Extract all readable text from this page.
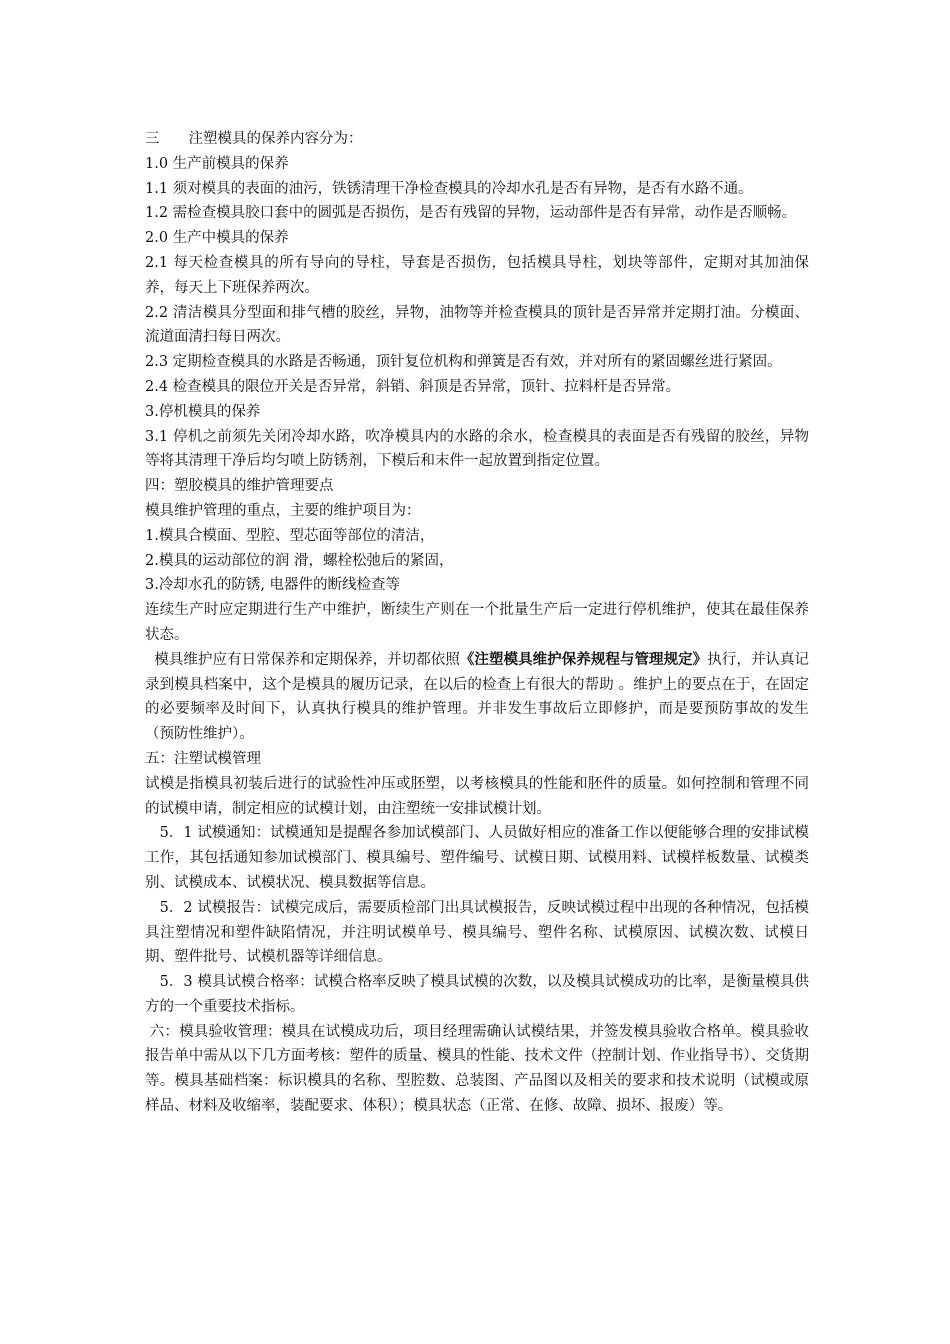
三　　注塑模具的保养内容分为：

1.0 生产前模具的保养

1.1 须对模具的表面的油污，铁锈清理干净检查模具的冷却水孔是否有异物，是否有水路不通。

1.2 需检查模具胶口套中的圆弧是否损伤，是否有残留的异物，运动部件是否有异常，动作是否顺畅。

2.0 生产中模具的保养

2.1 每天检查模具的所有导向的导柱，导套是否损伤，包括模具导柱，划块等部件，定期对其加油保养，每天上下班保养两次。

2.2 清洁模具分型面和排气槽的胶丝，异物，油物等并检查模具的顶针是否异常并定期打油。分模面、流道面清扫每日两次。

2.3 定期检查模具的水路是否畅通，顶针复位机构和弹簧是否有效，并对所有的紧固螺丝进行紧固。

2.4 检查模具的限位开关是否异常，斜销、斜顶是否异常，顶针、拉料杆是否异常。

3.停机模具的保养

3.1 停机之前须先关闭冷却水路，吹净模具内的水路的余水，检查模具的表面是否有残留的胶丝，异物等将其清理干净后均匀喷上防锈剂，下模后和末件一起放置到指定位置。

四：塑胶模具的维护管理要点

模具维护管理的重点，主要的维护项目为：

1.模具合模面、型腔、型芯面等部位的清洁，

2.模具的运动部位的润 滑，螺栓松弛后的紧固，

3.冷却水孔的防锈, 电器件的断线检查等

连续生产时应定期进行生产中维护，断续生产则在一个批量生产后一定进行停机维护，使其在最佳保养状态。

模具维护应有日常保养和定期保养，并切都依照《注塑模具维护保养规程与管理规定》执行，并认真记录到模具档案中，这个是模具的履历记录，在以后的检查上有很大的帮助 。维护上的要点在于，在固定的必要频率及时间下，认真执行模具的维护管理。并非发生事故后立即修护，而是要预防事故的发生（预防性维护）。

五：注塑试模管理

试模是指模具初装后进行的试验性冲压或胚塑，以考核模具的性能和胚件的质量。如何控制和管理不同的试模申请，制定相应的试模计划，由注塑统一安排试模计划。

　5．1 试模通知：试模通知是提醒各参加试模部门、人员做好相应的准备工作以便能够合理的安排试模工作，其包括通知参加试模部门、模具编号、塑件编号、试模日期、试模用料、试模样板数量、试模类别、试模成本、试模状况、模具数据等信息。

　5．2 试模报告：试模完成后，需要质检部门出具试模报告，反映试模过程中出现的各种情况，包括模具注塑情况和塑件缺陷情况，并注明试模单号、模具编号、塑件名称、试模原因、试模次数、试模日期、塑件批号、试模机器等详细信息。

　5．3 模具试模合格率：试模合格率反映了模具试模的次数，以及模具试模成功的比率，是衡量模具供方的一个重要技术指标。

六：模具验收管理：模具在试模成功后，项目经理需确认试模结果，并签发模具验收合格单。模具验收报告单中需从以下几方面考核：塑件的质量、模具的性能、技术文件（控制计划、作业指导书）、交货期等。模具基础档案：标识模具的名称、型腔数、总装图、产品图以及相关的要求和技术说明（试模或原样品、材料及收缩率，装配要求、体积）；模具状态（正常、在修、故障、损坏、报废）等。
